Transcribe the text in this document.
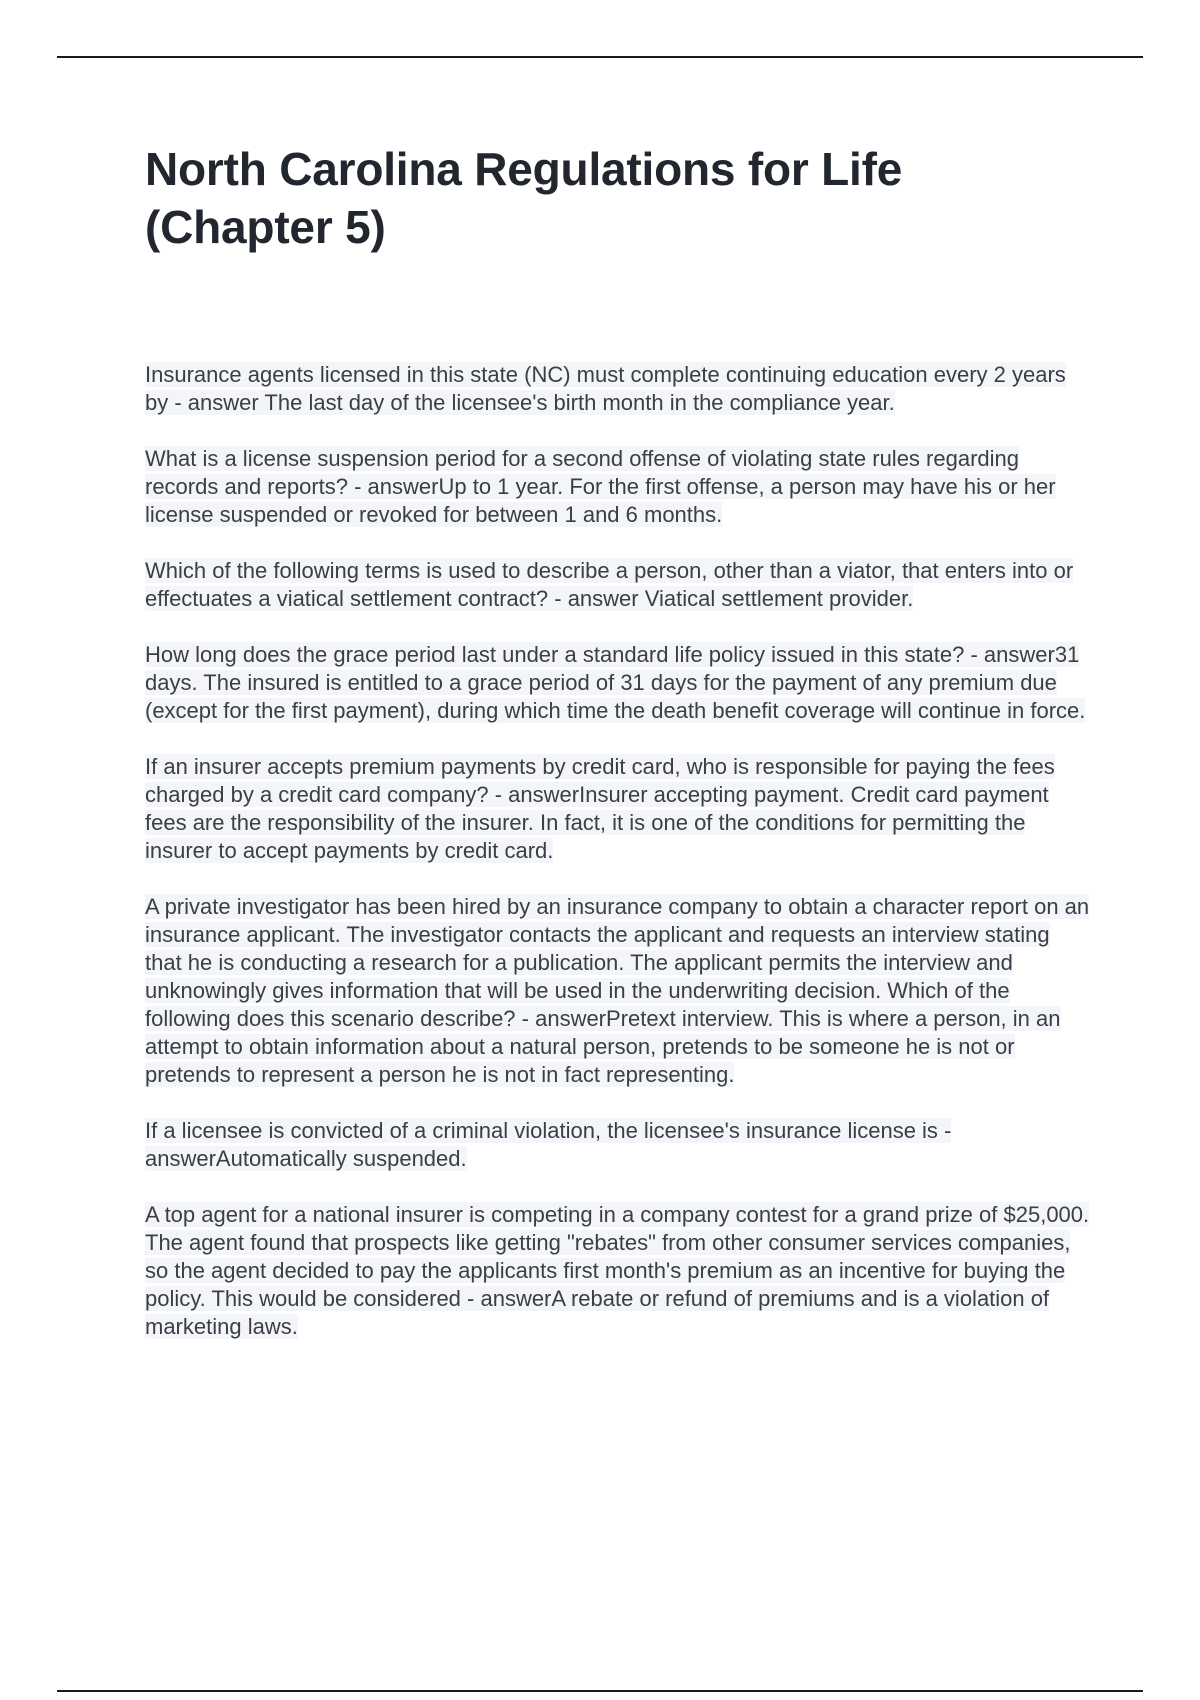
North Carolina Regulations for Life (Chapter 5)

Insurance agents licensed in this state (NC) must complete continuing education every 2 years by - answer The last day of the licensee's birth month in the compliance year.

What is a license suspension period for a second offense of violating state rules regarding records and reports? - answerUp to 1 year. For the first offense, a person may have his or her license suspended or revoked for between 1 and 6 months.

Which of the following terms is used to describe a person, other than a viator, that enters into or effectuates a viatical settlement contract? - answer Viatical settlement provider.

How long does the grace period last under a standard life policy issued in this state? - answer31 days. The insured is entitled to a grace period of 31 days for the payment of any premium due (except for the first payment), during which time the death benefit coverage will continue in force.

If an insurer accepts premium payments by credit card, who is responsible for paying the fees charged by a credit card company? - answerInsurer accepting payment. Credit card payment fees are the responsibility of the insurer. In fact, it is one of the conditions for permitting the insurer to accept payments by credit card.

A private investigator has been hired by an insurance company to obtain a character report on an insurance applicant. The investigator contacts the applicant and requests an interview stating that he is conducting a research for a publication. The applicant permits the interview and unknowingly gives information that will be used in the underwriting decision. Which of the following does this scenario describe? - answerPretext interview. This is where a person, in an attempt to obtain information about a natural person, pretends to be someone he is not or pretends to represent a person he is not in fact representing.

If a licensee is convicted of a criminal violation, the licensee's insurance license is - answerAutomatically suspended.

A top agent for a national insurer is competing in a company contest for a grand prize of $25,000. The agent found that prospects like getting "rebates" from other consumer services companies, so the agent decided to pay the applicants first month's premium as an incentive for buying the policy. This would be considered - answerA rebate or refund of premiums and is a violation of marketing laws.
